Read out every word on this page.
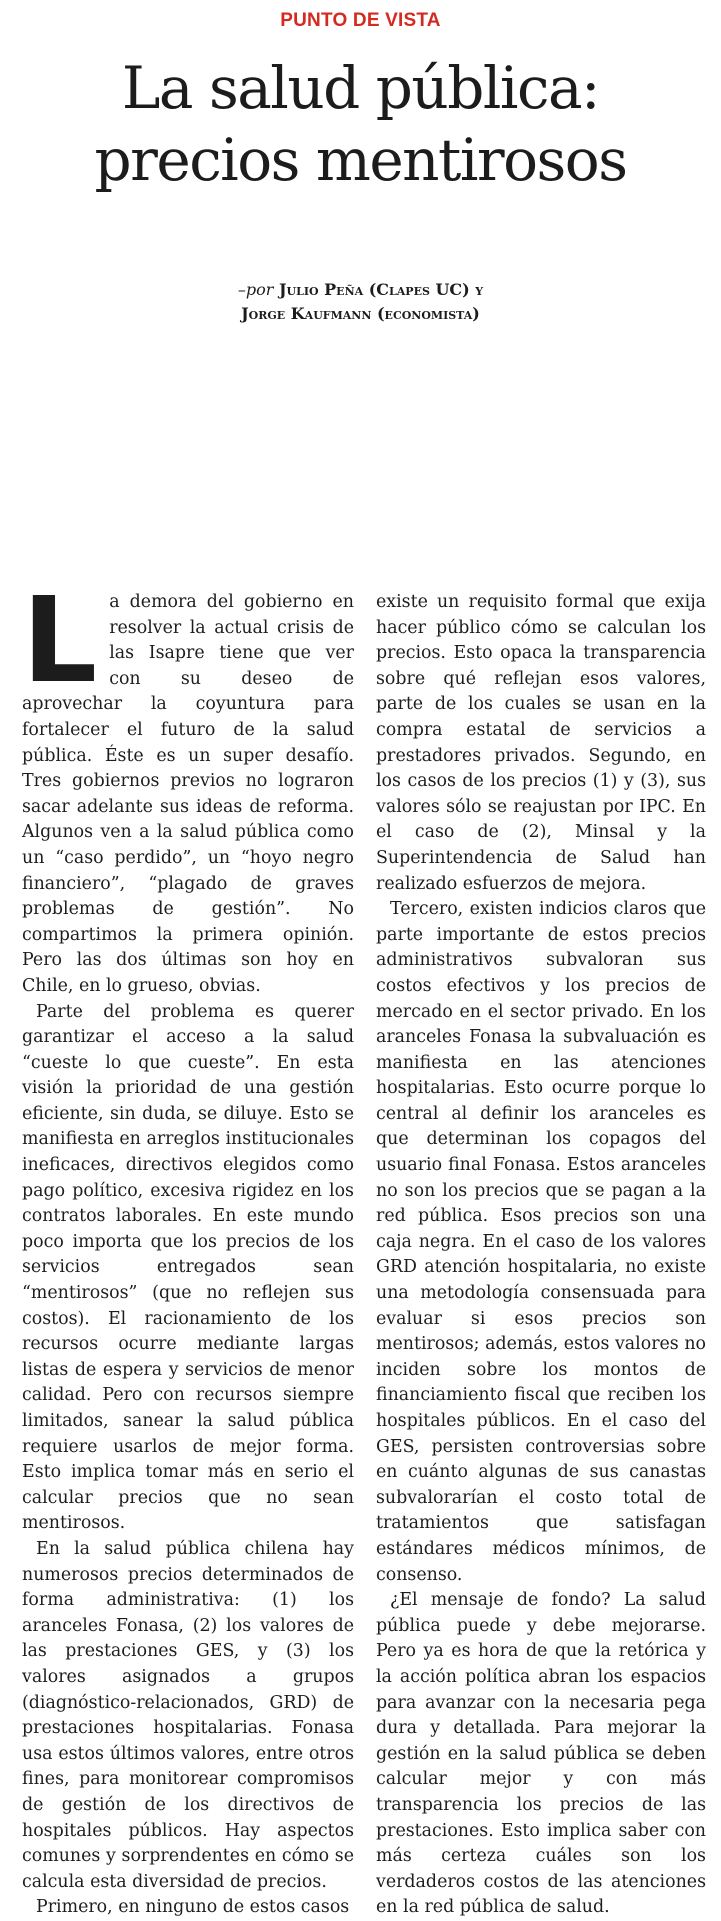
PUNTO DE VISTA
La salud pública:
precios mentirosos
–por Julio Peña (Clapes UC) y
Jorge Kaufmann (economista)

La demora del gobierno en resolver la actual crisis de las Isapre tiene que ver con su deseo de aprovechar la coyuntura para fortalecer el futuro de la salud pública. Éste es un super desafío. Tres gobiernos previos no lograron sacar adelante sus ideas de reforma. Algunos ven a la salud pública como un “caso perdido”, un “hoyo negro financiero”, “plagado de graves problemas de gestión”. No compartimos la primera opinión. Pero las dos últimas son hoy en Chile, en lo grueso, obvias.

Parte del problema es querer garantizar el acceso a la salud “cueste lo que cueste”. En esta visión la prioridad de una gestión eficiente, sin duda, se diluye. Esto se manifiesta en arreglos institucionales ineficaces, directivos elegidos como pago político, excesiva rigidez en los contratos laborales. En este mundo poco importa que los precios de los servicios entregados sean “mentirosos” (que no reflejen sus costos). El racionamiento de los recursos ocurre mediante largas listas de espera y servicios de menor calidad. Pero con recursos siempre limitados, sanear la salud pública requiere usarlos de mejor forma. Esto implica tomar más en serio el calcular precios que no sean mentirosos.

En la salud pública chilena hay numerosos precios determinados de forma administrativa: (1) los aranceles Fonasa, (2) los valores de las prestaciones GES, y (3) los valores asignados a grupos (diagnóstico-relacionados, GRD) de prestaciones hospitalarias. Fonasa usa estos últimos valores, entre otros fines, para monitorear compromisos de gestión de los directivos de hospitales públicos. Hay aspectos comunes y sorprendentes en cómo se calcula esta diversidad de precios.

Primero, en ninguno de estos casos

existe un requisito formal que exija hacer público cómo se calculan los precios. Esto opaca la transparencia sobre qué reflejan esos valores, parte de los cuales se usan en la compra estatal de servicios a prestadores privados. Segundo, en los casos de los precios (1) y (3), sus valores sólo se reajustan por IPC. En el caso de (2), Minsal y la Superintendencia de Salud han realizado esfuerzos de mejora.

Tercero, existen indicios claros que parte importante de estos precios administrativos subvaloran sus costos efectivos y los precios de mercado en el sector privado. En los aranceles Fonasa la subvaluación es manifiesta en las atenciones hospitalarias. Esto ocurre porque lo central al definir los aranceles es que determinan los copagos del usuario final Fonasa. Estos aranceles no son los precios que se pagan a la red pública. Esos precios son una caja negra. En el caso de los valores GRD atención hospitalaria, no existe una metodología consensuada para evaluar si esos precios son mentirosos; además, estos valores no inciden sobre los montos de financiamiento fiscal que reciben los hospitales públicos. En el caso del GES, persisten controversias sobre en cuánto algunas de sus canastas subvalorarían el costo total de tratamientos que satisfagan estándares médicos mínimos, de consenso.

¿El mensaje de fondo? La salud pública puede y debe mejorarse. Pero ya es hora de que la retórica y la acción política abran los espacios para avanzar con la necesaria pega dura y detallada. Para mejorar la gestión en la salud pública se deben calcular mejor y con más transparencia los precios de las prestaciones. Esto implica saber con más certeza cuáles son los verdaderos costos de las atenciones en la red pública de salud.
